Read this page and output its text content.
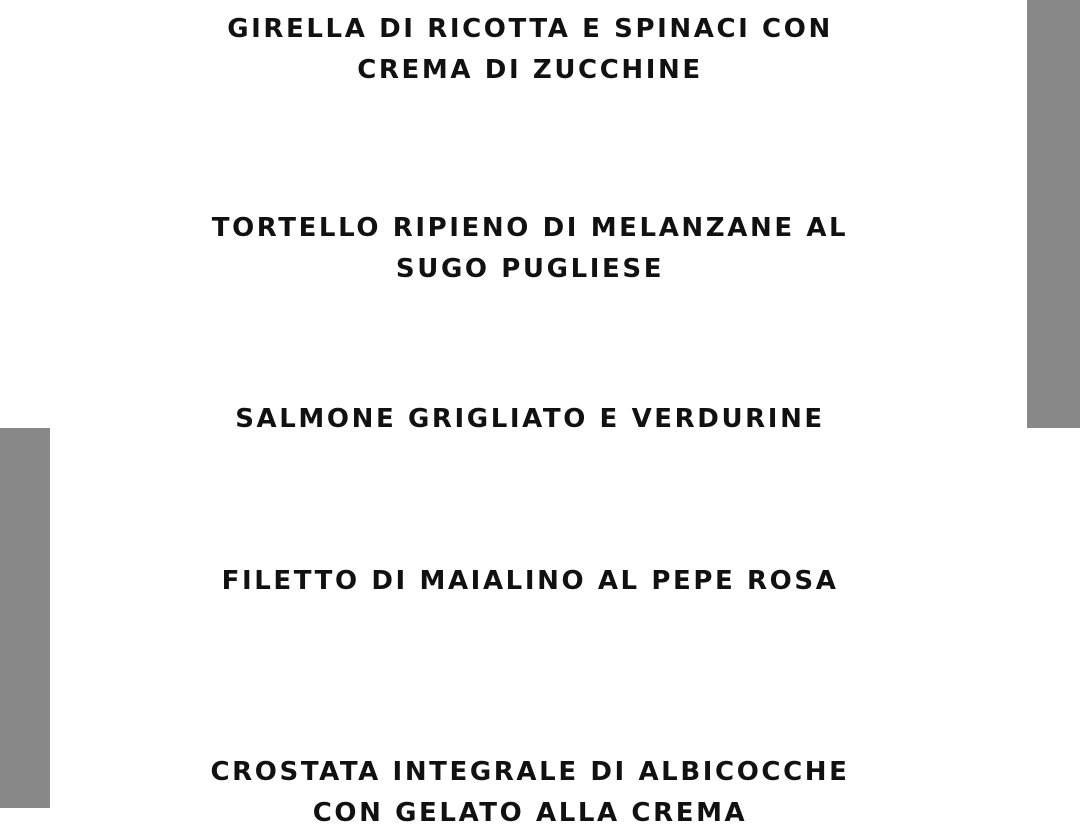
GIRELLA DI RICOTTA E SPINACI CON CREMA DI ZUCCHINE

TORTELLO RIPIENO DI MELANZANE AL SUGO PUGLIESE

SALMONE GRIGLIATO E VERDURINE

FILETTO DI MAIALINO AL PEPE ROSA

CROSTATA INTEGRALE DI ALBICOCCHE CON GELATO ALLA CREMA
